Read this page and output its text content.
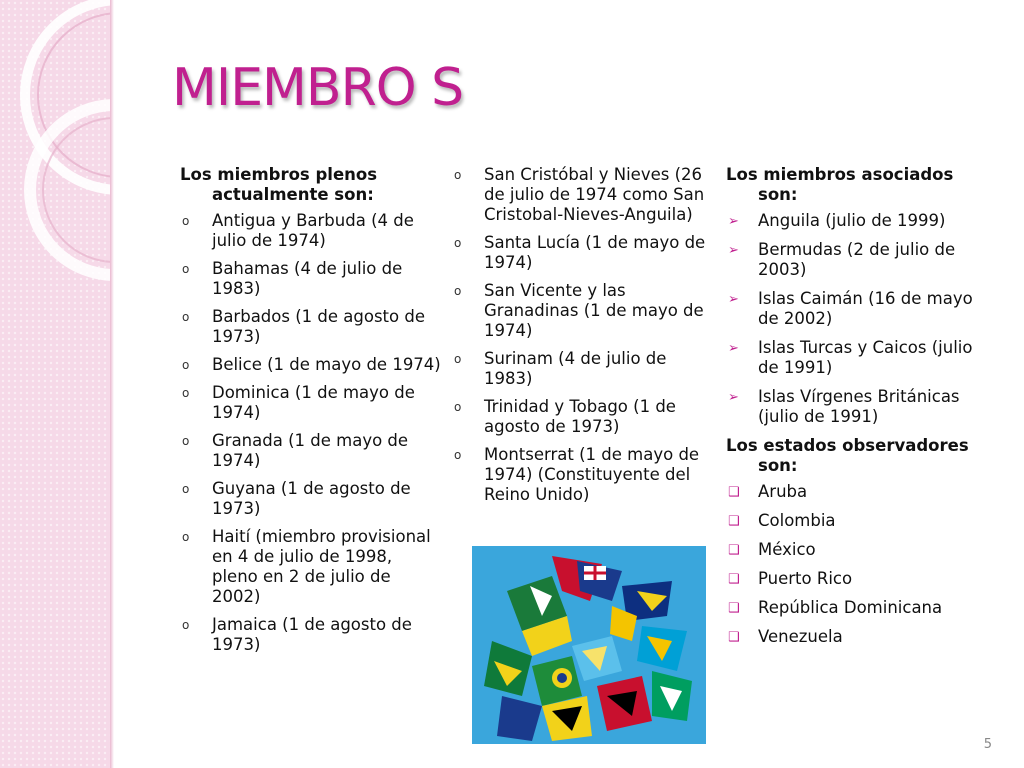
MIEMBRO S
Los miembros plenos
actualmente son:
o Antigua y Barbuda (4 de julio de 1974)
o Bahamas (4 de julio de 1983)
o Barbados (1 de agosto de 1973)
o Belice (1 de mayo de 1974)
o Dominica (1 de mayo de 1974)
o Granada (1 de mayo de 1974)
o Guyana (1 de agosto de 1973)
o Haití (miembro provisional en 4 de julio de 1998, pleno en 2 de julio de 2002)
o Jamaica (1 de agosto de 1973)
o San Cristóbal y Nieves (26 de julio de 1974 como San Cristobal-Nieves-Anguila)
o Santa Lucía (1 de mayo de 1974)
o San Vicente y las Granadinas (1 de mayo de 1974)
o Surinam (4 de julio de 1983)
o Trinidad y Tobago (1 de agosto de 1973)
o Montserrat (1 de mayo de 1974) (Constituyente del Reino Unido)
Los miembros asociados
son:
➢ Anguila (julio de 1999)
➢ Bermudas (2 de julio de 2003)
➢ Islas Caimán (16 de mayo de 2002)
➢ Islas Turcas y Caicos (julio de 1991)
➢ Islas Vírgenes Británicas (julio de 1991)
Los estados observadores
son:
❑ Aruba
❑ Colombia
❑ México
❑ Puerto Rico
❑ República Dominicana
❑ Venezuela
5
